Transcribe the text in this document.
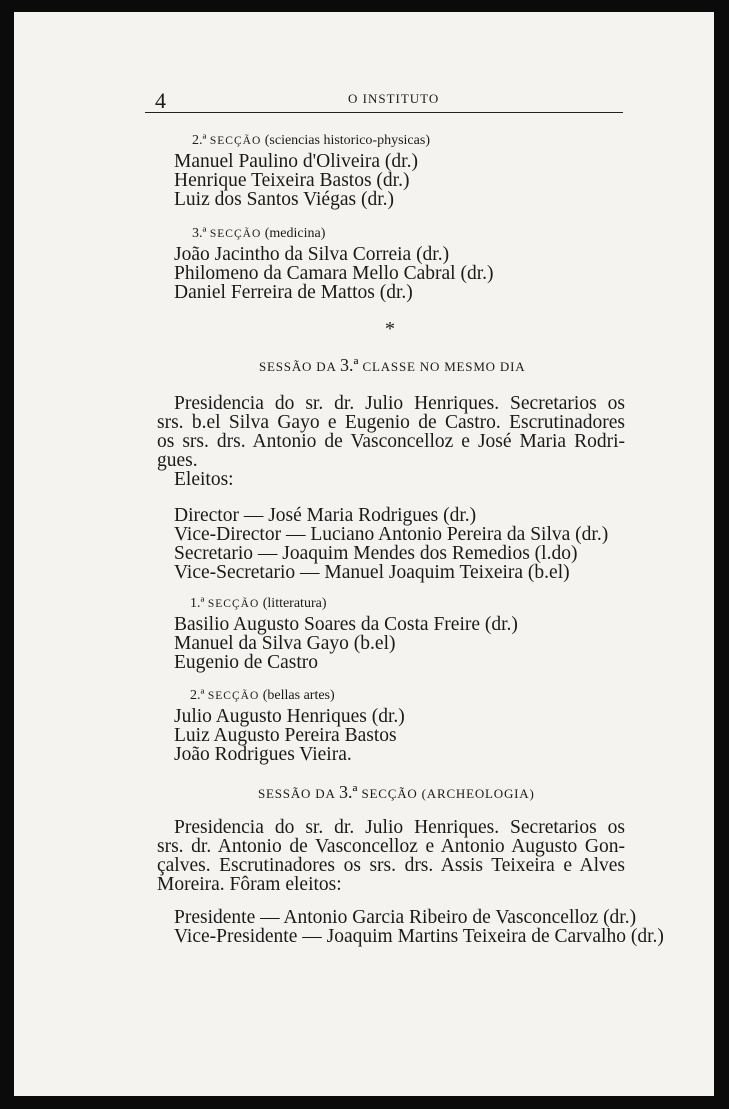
4	O INSTITUTO
2.ª SECÇÃO (sciencias historico-physicas)
Manuel Paulino d'Oliveira (dr.)
Henrique Teixeira Bastos (dr.)
Luiz dos Santos Viégas (dr.)
3.ª SECÇÃO (medicina)
João Jacintho da Silva Correia (dr.)
Philomeno da Camara Mello Cabral (dr.)
Daniel Ferreira de Mattos (dr.)
*
SESSÃO DA 3.ª CLASSE NO MESMO DIA
Presidencia do sr. dr. Julio Henriques. Secretarios os
srs. b.el Silva Gayo e Eugenio de Castro. Escrutinadores
os srs. drs. Antonio de Vasconcelloz e José Maria Rodri-
gues.
Eleitos:
Director — José Maria Rodrigues (dr.)
Vice-Director — Luciano Antonio Pereira da Silva (dr.)
Secretario — Joaquim Mendes dos Remedios (l.do)
Vice-Secretario — Manuel Joaquim Teixeira (b.el)
1.ª SECÇÃO (litteratura)
Basilio Augusto Soares da Costa Freire (dr.)
Manuel da Silva Gayo (b.el)
Eugenio de Castro
2.ª SECÇÃO (bellas artes)
Julio Augusto Henriques (dr.)
Luiz Augusto Pereira Bastos
João Rodrigues Vieira.
SESSÃO DA 3.ª SECÇÃO (ARCHEOLOGIA)
Presidencia do sr. dr. Julio Henriques. Secretarios os
srs. dr. Antonio de Vasconcelloz e Antonio Augusto Gon-
çalves. Escrutinadores os srs. drs. Assis Teixeira e Alves
Moreira. Fôram eleitos:
Presidente — Antonio Garcia Ribeiro de Vasconcelloz (dr.)
Vice-Presidente — Joaquim Martins Teixeira de Carvalho (dr.)
